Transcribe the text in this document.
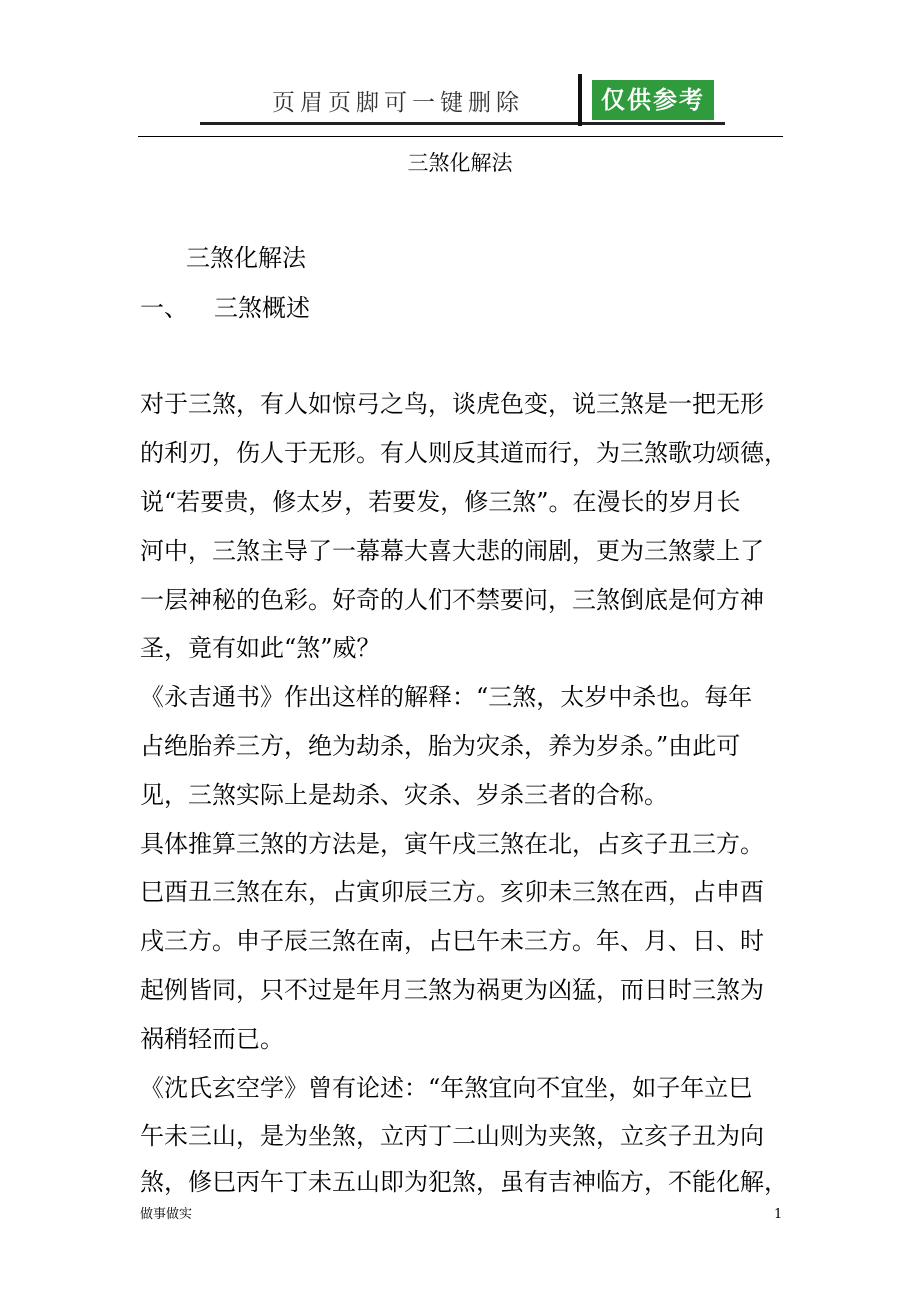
页眉页脚可一键删除	仅供参考
三煞化解法
三煞化解法
一、 三煞概述
对于三煞，有人如惊弓之鸟，谈虎色变，说三煞是一把无形
的利刃，伤人于无形。有人则反其道而行，为三煞歌功颂德，
说“若要贵，修太岁，若要发，修三煞”。在漫长的岁月长
河中，三煞主导了一幕幕大喜大悲的闹剧，更为三煞蒙上了
一层神秘的色彩。好奇的人们不禁要问，三煞倒底是何方神
圣，竟有如此“煞”威？
《永吉通书》作出这样的解释：“三煞，太岁中杀也。每年
占绝胎养三方，绝为劫杀，胎为灾杀，养为岁杀。”由此可
见，三煞实际上是劫杀、灾杀、岁杀三者的合称。
具体推算三煞的方法是，寅午戌三煞在北，占亥子丑三方。
巳酉丑三煞在东，占寅卯辰三方。亥卯未三煞在西，占申酉
戌三方。申子辰三煞在南，占巳午未三方。年、月、日、时
起例皆同，只不过是年月三煞为祸更为凶猛，而日时三煞为
祸稍轻而已。
《沈氏玄空学》曾有论述：“年煞宜向不宜坐，如子年立巳
午未三山，是为坐煞，立丙丁二山则为夹煞，立亥子丑为向
煞，修巳丙午丁未五山即为犯煞，虽有吉神临方，不能化解，
做事做实	1
